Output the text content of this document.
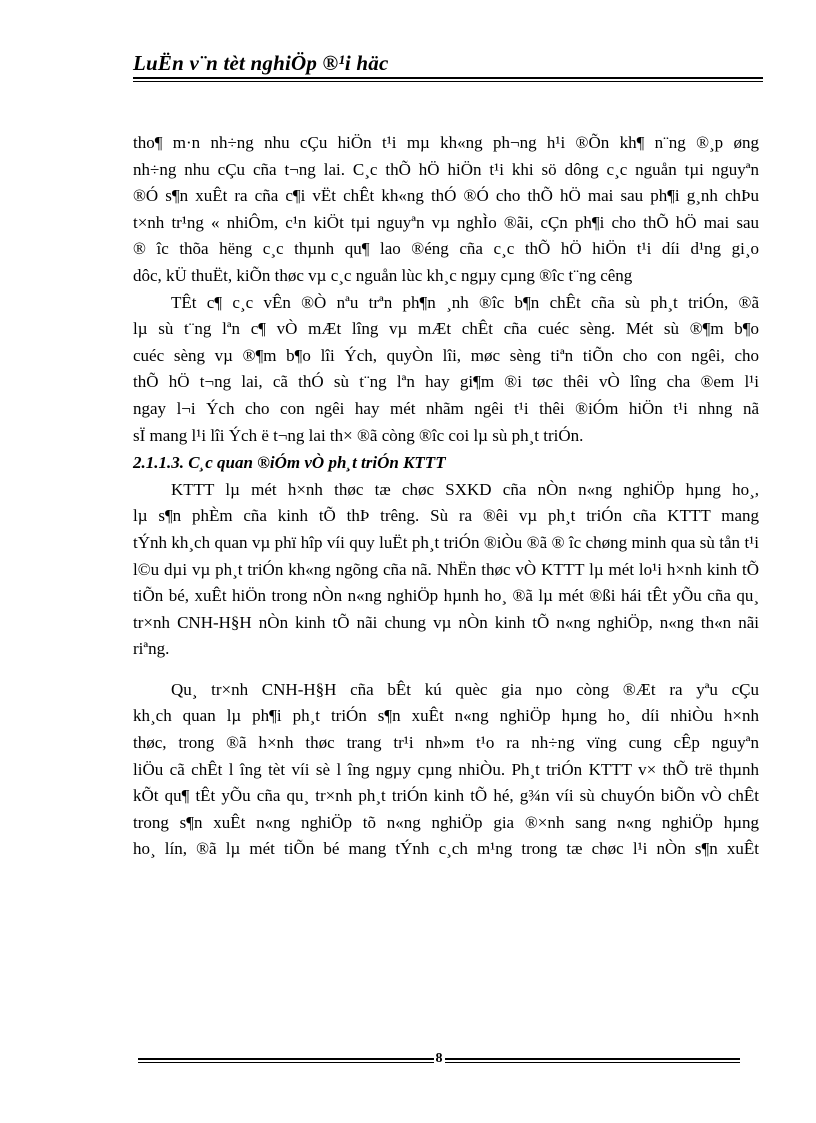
LuËn v¨n tèt nghiÖp ®¹i häc
tho¶ m·n nh÷ng nhu cÇu hiÖn t¹i mµ kh«ng ph¬ng h¹i ®Õn kh¶ n¨ng ®¸p øng
nh÷ng nhu cÇu cña t¬ng lai. C¸c thÕ hÖ hiÖn t¹i khi sö dông c¸c nguån tµi nguyªn
®Ó s¶n xuÊt ra cña c¶i vËt chÊt kh«ng thÓ ®Ó cho thÕ hÖ mai sau ph¶i g¸nh chÞu
t×nh tr¹ng « nhiÔm, c¹n kiÖt tµi nguyªn vµ nghÌo ®ãi, cÇn ph¶i cho thÕ hÖ mai sau
® îc thõa hëng c¸c thµnh qu¶ lao ®éng cña c¸c thÕ hÖ hiÖn t¹i díi d¹ng gi¸o
dôc, kÜ thuËt, kiÕn thøc vµ c¸c nguån lùc kh¸c ngµy cµng ®îc t¨ng cêng
TÊt c¶ c¸c vÊn ®Ò nªu trªn ph¶n ¸nh ®îc b¶n chÊt cña sù ph¸t triÓn, ®ã
lµ sù t¨ng lªn c¶ vÒ mÆt lîng vµ mÆt chÊt cña cuéc sèng. Mét sù ®¶m b¶o
cuéc sèng vµ ®¶m b¶o lîi Ých, quyÒn lîi, møc sèng tiªn tiÕn cho con ngêi, cho
thÕ hÖ t¬ng lai, cã thÓ sù t¨ng lªn hay gi¶m ®i tøc thêi vÒ lîng cha ®em l¹i
ngay l¬i Ých cho con ngêi hay mét nhãm ngêi t¹i thêi ®iÓm hiÖn t¹i nhng nã
sÏ mang l¹i lîi Ých ë t¬ng lai th× ®ã còng ®îc coi lµ sù ph¸t triÓn.
2.1.1.3. C¸c quan ®iÓm vÒ ph¸t triÓn KTTT
KTTT lµ mét h×nh thøc tæ chøc SXKD cña nÒn n«ng nghiÖp hµng ho¸,
lµ s¶n phÈm cña kinh tÕ thÞ trêng. Sù ra ®êi vµ ph¸t triÓn cña KTTT mang
tÝnh kh¸ch quan vµ phï hîp víi quy luËt ph¸t triÓn ®iÒu ®ã ® îc chøng minh qua sù tån t¹i
l©u dµi vµ ph¸t triÓn kh«ng ngõng cña nã. NhËn thøc vÒ KTTT lµ mét lo¹i h×nh kinh tÕ
tiÕn bé, xuÊt hiÖn trong nÒn n«ng nghiÖp hµnh ho¸ ®ã lµ mét ®ßi hái tÊt yÕu cña qu¸
tr×nh CNH-H§H nÒn kinh tÕ nãi chung vµ nÒn kinh tÕ n«ng nghiÖp, n«ng th«n nãi
riªng.
Qu¸ tr×nh CNH-H§H cña bÊt kú quèc gia nµo còng ®Æt ra yªu cÇu
kh¸ch quan lµ ph¶i ph¸t triÓn s¶n xuÊt n«ng nghiÖp hµng ho¸ díi nhiÒu h×nh
thøc, trong ®ã h×nh thøc trang tr¹i nh»m t¹o ra nh÷ng vïng cung cÊp nguyªn
liÖu cã chÊt l îng tèt víi sè l îng ngµy cµng nhiÒu. Ph¸t triÓn KTTT v× thÕ trë thµnh
kÕt qu¶ tÊt yÕu cña qu¸ tr×nh ph¸t triÓn kinh tÕ hé, g¾n víi sù chuyÓn biÕn vÒ chÊt
trong s¶n xuÊt n«ng nghiÖp tõ n«ng nghiÖp gia ®×nh sang n«ng nghiÖp hµng
ho¸ lín, ®ã lµ mét tiÕn bé mang tÝnh c¸ch m¹ng trong tæ chøc l¹i nÒn s¶n xuÊt
8
